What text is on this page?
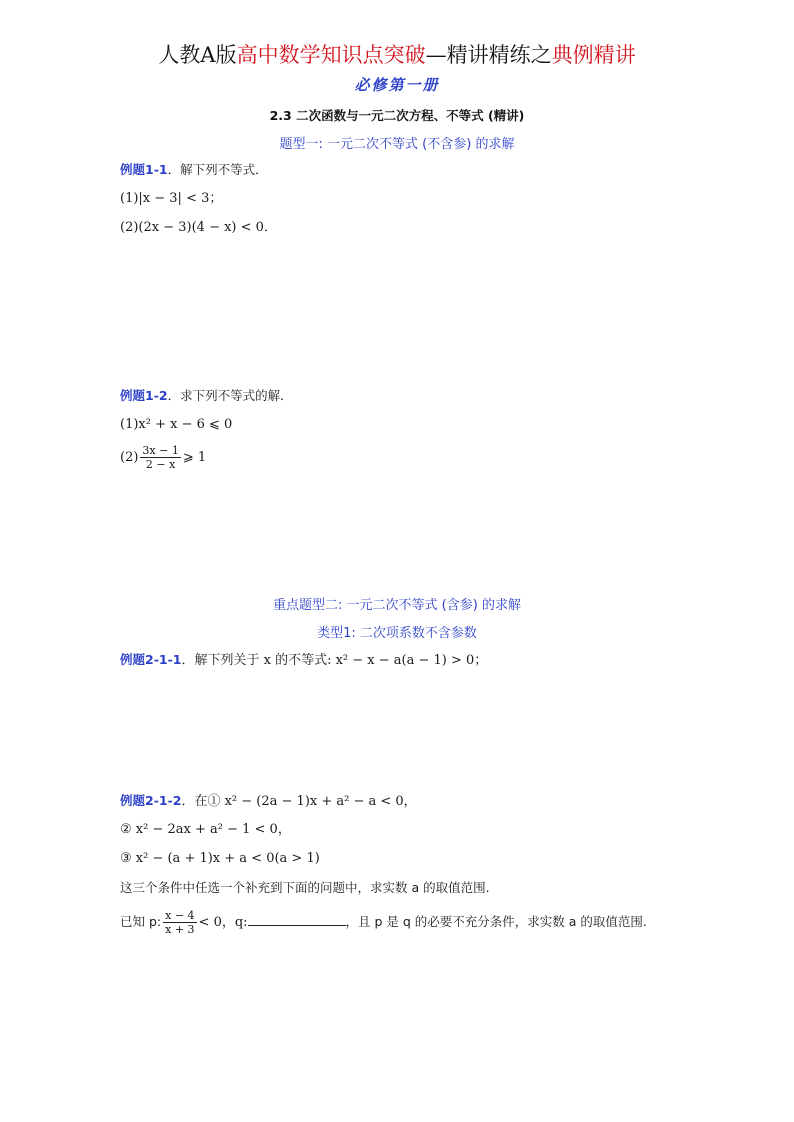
人教A版高中数学知识点突破—精讲精练之典例精讲
必修第一册
2.3 二次函数与一元二次方程、不等式 (精讲)
题型一: 一元二次不等式 (不含参) 的求解
例题1-1．解下列不等式．
(1)|x − 3| < 3；
(2)(2x − 3)(4 − x) < 0．
例题1-2．求下列不等式的解．
(1)x² + x − 6 ⩽ 0
$(2) \frac{3x - 1}{2 - x}$ ⩾ 1
重点题型二: 一元二次不等式 (含参) 的求解
类型1: 二次项系数不含参数
例题2-1-1．解下列关于 x 的不等式: x² − x − a(a − 1) > 0；
例题2-1-2．在① x² − (2a − 1)x + a² − a < 0，
② x² − 2ax + a² − 1 < 0，
③ x² − (a + 1)x + a < 0(a > 1)
这三个条件中任选一个补充到下面的问题中，求实数 a 的取值范围.
已知 p: $\frac{x - 4}{x + 3} < 0$，q:	，且 p 是 q 的必要不充分条件，求实数 a 的取值范围.
